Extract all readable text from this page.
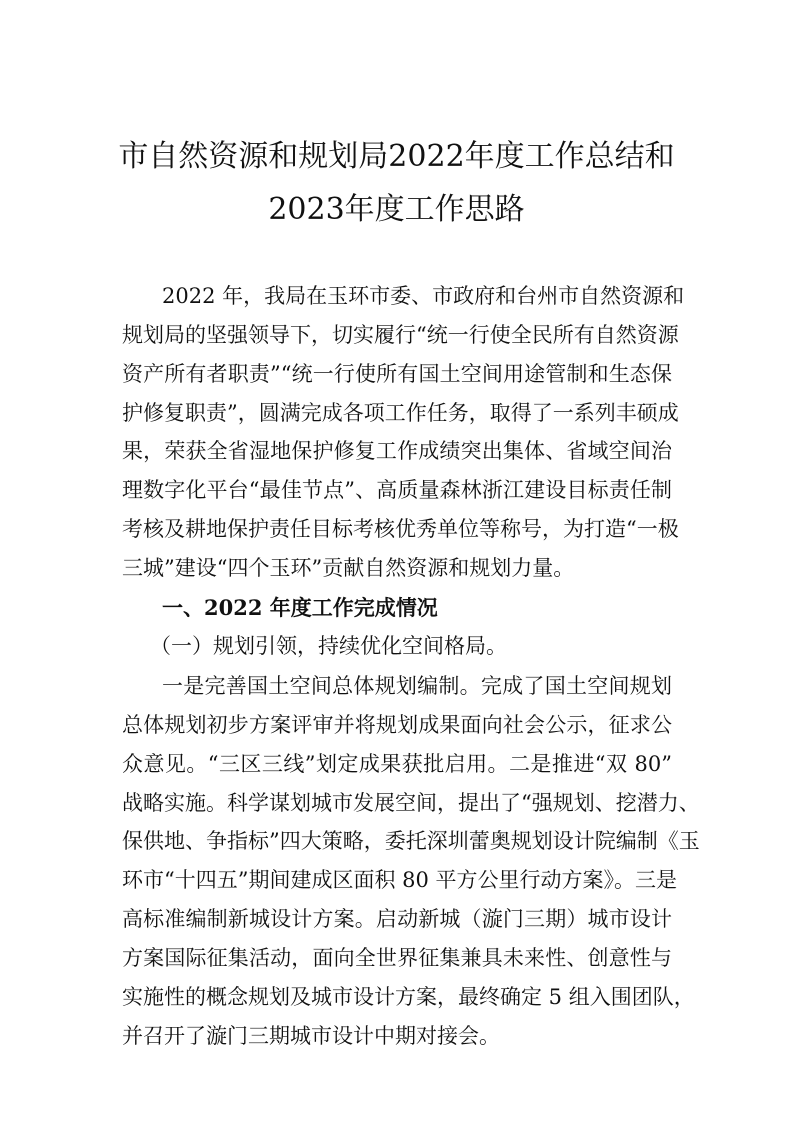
市自然资源和规划局2022年度工作总结和
2023年度工作思路
2022 年，我局在玉环市委、市政府和台州市自然资源和
规划局的坚强领导下，切实履行“统一行使全民所有自然资源
资产所有者职责”“统一行使所有国土空间用途管制和生态保
护修复职责”，圆满完成各项工作任务，取得了一系列丰硕成
果，荣获全省湿地保护修复工作成绩突出集体、省域空间治
理数字化平台“最佳节点”、高质量森林浙江建设目标责任制
考核及耕地保护责任目标考核优秀单位等称号，为打造“一极
三城”建设“四个玉环”贡献自然资源和规划力量。
一、2022 年度工作完成情况
（一）规划引领，持续优化空间格局。
一是完善国土空间总体规划编制。完成了国土空间规划
总体规划初步方案评审并将规划成果面向社会公示，征求公
众意见。“三区三线”划定成果获批启用。二是推进“双 80”
战略实施。科学谋划城市发展空间，提出了“强规划、挖潜力、
保供地、争指标”四大策略，委托深圳蕾奥规划设计院编制《玉
环市“十四五”期间建成区面积 80 平方公里行动方案》。三是
高标准编制新城设计方案。启动新城（漩门三期）城市设计
方案国际征集活动，面向全世界征集兼具未来性、创意性与
实施性的概念规划及城市设计方案，最终确定 5 组入围团队，
并召开了漩门三期城市设计中期对接会。
